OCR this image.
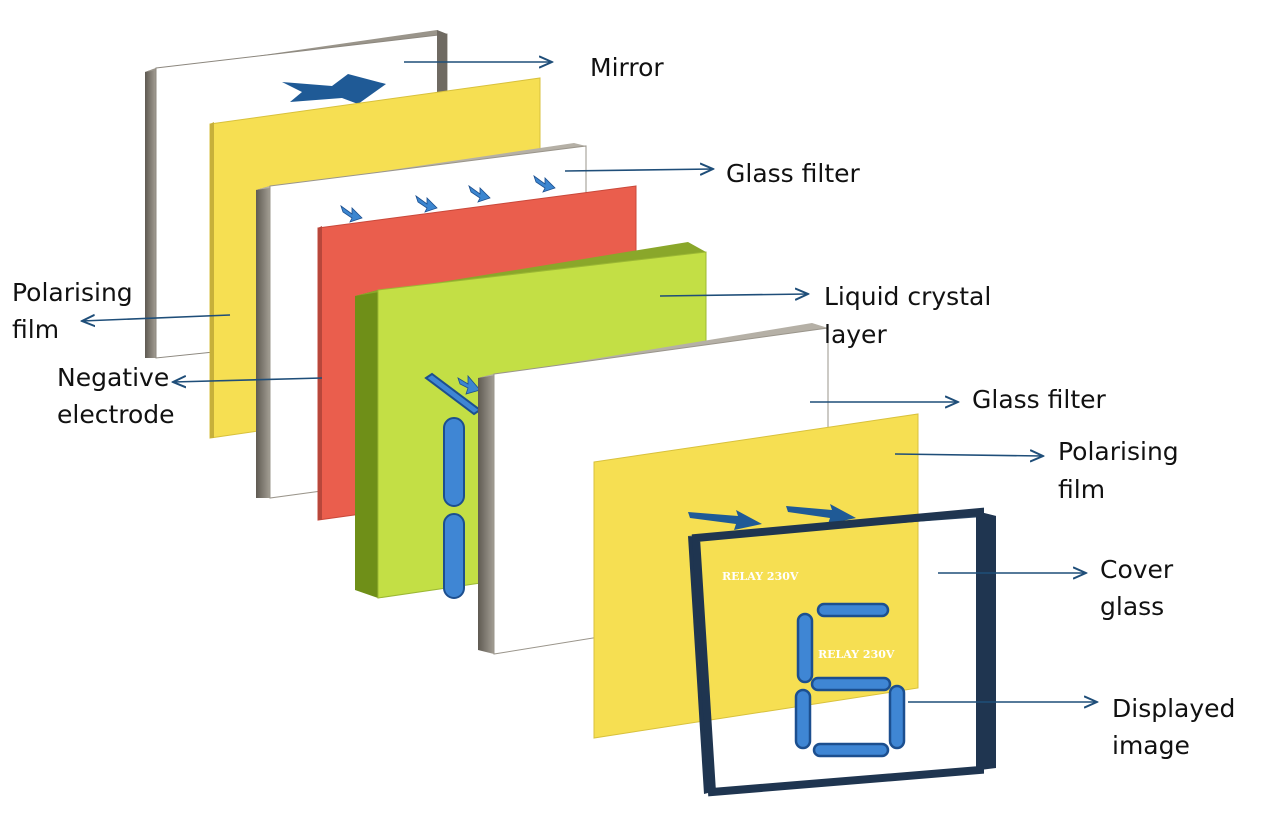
RELAY 230V
RELAY 230V
Mirror
Glass filter
Polarising
film
Negative
electrode
Liquid crystal
layer
Glass filter
Polarising
film
Cover
glass
Displayed
image
